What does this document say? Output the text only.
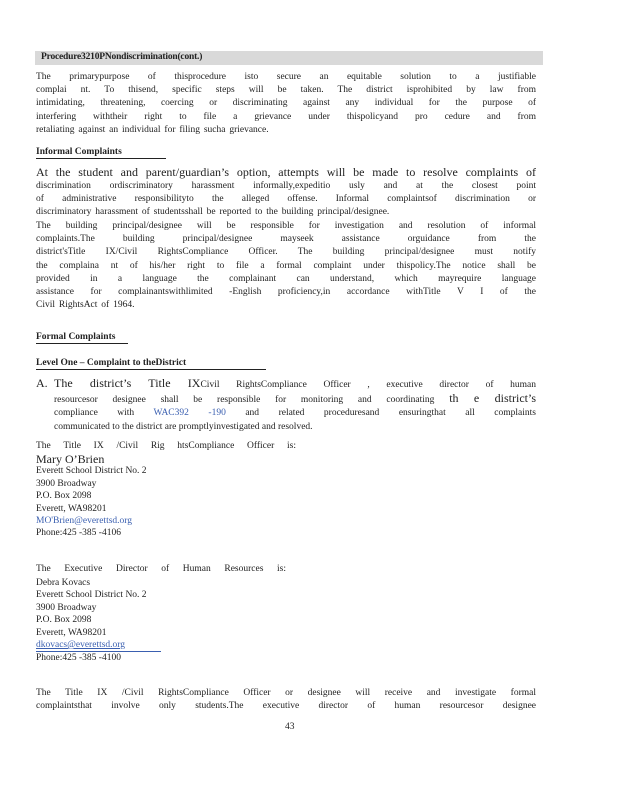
Procedure3210PNondiscrimination(cont.)
The primarypurpose of thisprocedure isto secure an equitable solution to a justifiable
complai nt. To thisend, specific steps will be taken. The district isprohibited by law from
intimidating, threatening, coercing or discriminating against any individual for the purpose of
interfering withtheir right to file a grievance under thispolicyand pro cedure and from
retaliating against an individual for filing sucha grievance.
Informal Complaints
At the student and parent/guardian’s option, attempts will be made to resolve complaints of
discrimination ordiscriminatory harassment informally,expeditio usly and at the closest point
of administrative responsibilityto the alleged offense. Informal complaintsof discrimination or
discriminatory harassment of studentsshall be reported to the building principal/designee.
The building principal/designee will be responsible for investigation and resolution of informal
complaints.The building principal/designee mayseek assistance orguidance from the
district'sTitle IX/Civil RightsCompliance Officer. The building principal/designee must notify
the complaina nt of his/her right to file a formal complaint under thispolicy.The notice shall be
provided in a language the complainant can understand, which mayrequire language
assistance for complainantswithlimited -English proficiency,in accordance withTitle V I of the
Civil RightsAct of 1964.
Formal Complaints
Level One – Complaint to theDistrict
A. The district’s Title IXCivil RightsCompliance Officer , executive director of human
resourcesor designee shall be responsible for monitoring and coordinating th e district’s
compliance with WAC392 -190 and related proceduresand ensuringthat all complaints
communicated to the district are promptlyinvestigated and resolved.
The Title IX /Civil Rig htsCompliance Officer is:
Mary O’Brien
Everett School District No. 2
3900 Broadway
P.O. Box 2098
Everett, WA98201
MO'Brien@everettsd.org
Phone:425 -385 -4106
The Executive Director of Human Resources is:
Debra Kovacs
Everett School District No. 2
3900 Broadway
P.O. Box 2098
Everett, WA98201
dkovacs@everettsd.org
Phone:425 -385 -4100
The Title IX /Civil RightsCompliance Officer or designee will receive and investigate formal
complaintsthat involve only students.The executive director of human resourcesor designee
43
